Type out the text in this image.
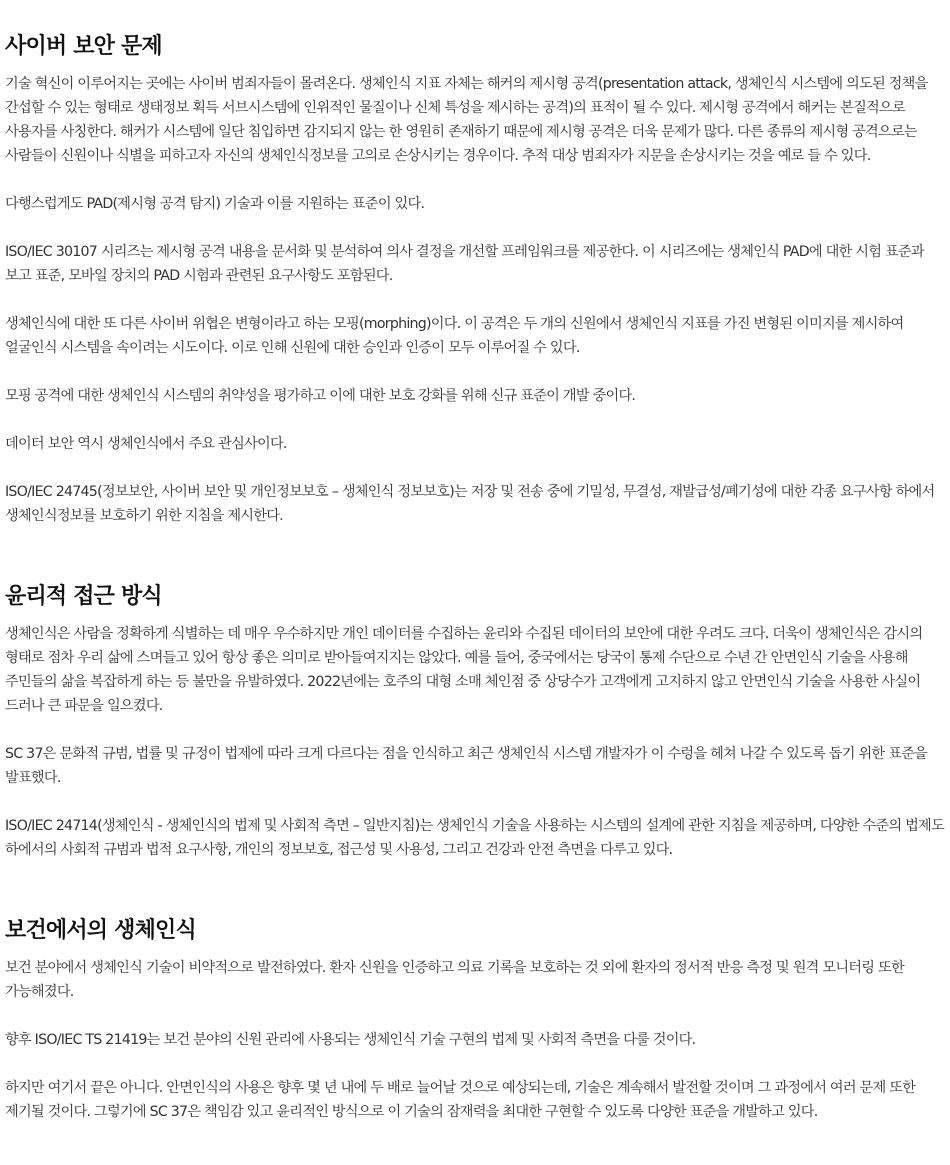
사이버 보안 문제

기술 혁신이 이루어지는 곳에는 사이버 범죄자들이 몰려온다. 생체인식 지표 자체는 해커의 제시형 공격(presentation attack, 생체인식 시스템에 의도된 정책을 간섭할 수 있는 형태로 생태정보 획득 서브시스템에 인위적인 물질이나 신체 특성을 제시하는 공격)의 표적이 될 수 있다. 제시형 공격에서 해커는 본질적으로 사용자를 사칭한다. 해커가 시스템에 일단 침입하면 감지되지 않는 한 영원히 존재하기 때문에 제시형 공격은 더욱 문제가 많다. 다른 종류의 제시형 공격으로는 사람들이 신원이나 식별을 피하고자 자신의 생체인식정보를 고의로 손상시키는 경우이다. 추적 대상 범죄자가 지문을 손상시키는 것을 예로 들 수 있다.

다행스럽게도 PAD(제시형 공격 탐지) 기술과 이를 지원하는 표준이 있다.

ISO/IEC 30107 시리즈는 제시형 공격 내용을 문서화 및 분석하여 의사 결정을 개선할 프레임워크를 제공한다. 이 시리즈에는 생체인식 PAD에 대한 시험 표준과 보고 표준, 모바일 장치의 PAD 시험과 관련된 요구사항도 포함된다.

생체인식에 대한 또 다른 사이버 위협은 변형이라고 하는 모핑(morphing)이다. 이 공격은 두 개의 신원에서 생체인식 지표를 가진 변형된 이미지를 제시하여 얼굴인식 시스템을 속이려는 시도이다. 이로 인해 신원에 대한 승인과 인증이 모두 이루어질 수 있다.

모핑 공격에 대한 생체인식 시스템의 취약성을 평가하고 이에 대한 보호 강화를 위해 신규 표준이 개발 중이다.

데이터 보안 역시 생체인식에서 주요 관심사이다.

ISO/IEC 24745(정보보안, 사이버 보안 및 개인정보보호 – 생체인식 정보보호)는 저장 및 전송 중에 기밀성, 무결성, 재발급성/폐기성에 대한 각종 요구사항 하에서 생체인식정보를 보호하기 위한 지침을 제시한다.

윤리적 접근 방식

생체인식은 사람을 정확하게 식별하는 데 매우 우수하지만 개인 데이터를 수집하는 윤리와 수집된 데이터의 보안에 대한 우려도 크다. 더욱이 생체인식은 감시의 형태로 점차 우리 삶에 스며들고 있어 항상 좋은 의미로 받아들여지지는 않았다. 예를 들어, 중국에서는 당국이 통제 수단으로 수년 간 안면인식 기술을 사용해 주민들의 삶을 복잡하게 하는 등 불만을 유발하였다. 2022년에는 호주의 대형 소매 체인점 중 상당수가 고객에게 고지하지 않고 안면인식 기술을 사용한 사실이 드러나 큰 파문을 일으켰다.

SC 37은 문화적 규범, 법률 및 규정이 법제에 따라 크게 다르다는 점을 인식하고 최근 생체인식 시스템 개발자가 이 수렁을 헤쳐 나갈 수 있도록 돕기 위한 표준을 발표했다.

ISO/IEC 24714(생체인식 - 생체인식의 법제 및 사회적 측면 – 일반지침)는 생체인식 기술을 사용하는 시스템의 설계에 관한 지침을 제공하며, 다양한 수준의 법제도 하에서의 사회적 규범과 법적 요구사항, 개인의 정보보호, 접근성 및 사용성, 그리고 건강과 안전 측면을 다루고 있다.

보건에서의 생체인식

보건 분야에서 생체인식 기술이 비약적으로 발전하였다. 환자 신원을 인증하고 의료 기록을 보호하는 것 외에 환자의 정서적 반응 측정 및 원격 모니터링 또한 가능해졌다.

향후 ISO/IEC TS 21419는 보건 분야의 신원 관리에 사용되는 생체인식 기술 구현의 법제 및 사회적 측면을 다룰 것이다.

하지만 여기서 끝은 아니다. 안면인식의 사용은 향후 몇 년 내에 두 배로 늘어날 것으로 예상되는데, 기술은 계속해서 발전할 것이며 그 과정에서 여러 문제 또한 제기될 것이다. 그렇기에 SC 37은 책임감 있고 윤리적인 방식으로 이 기술의 잠재력을 최대한 구현할 수 있도록 다양한 표준을 개발하고 있다.
